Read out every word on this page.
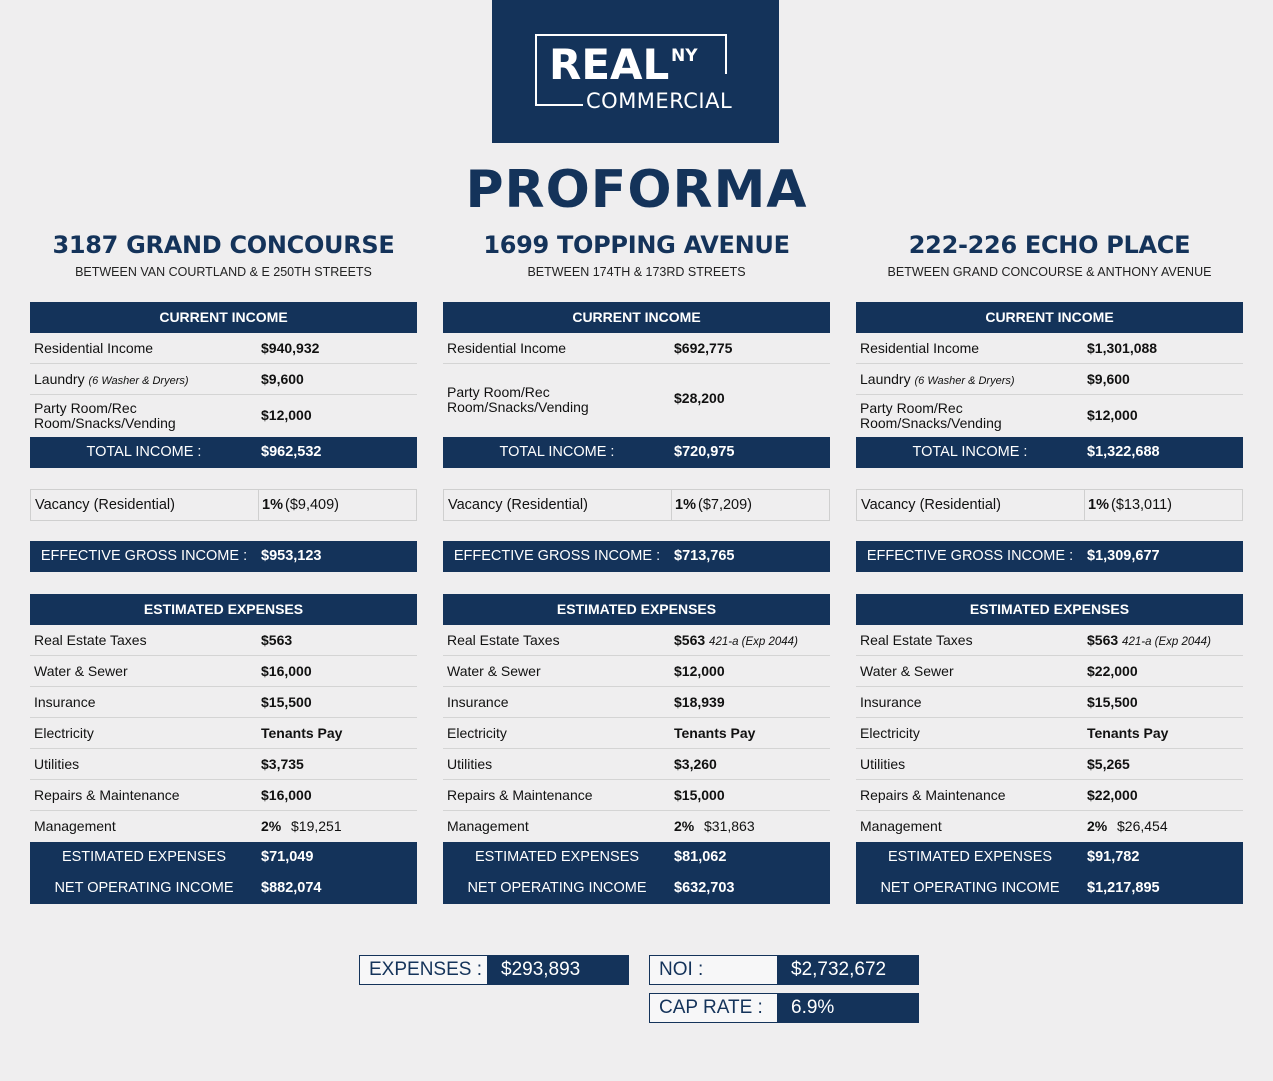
REAL NY
COMMERCIAL
PROFORMA
3187 GRAND CONCOURSE
BETWEEN VAN COURTLAND & E 250TH STREETS
CURRENT INCOME
Residential Income	$940,932
Laundry (6 Washer & Dryers)	$9,600
Party Room/Rec
Room/Snacks/Vending	$12,000
TOTAL INCOME :	$962,532
Vacancy (Residential)	1% ($9,409)
EFFECTIVE GROSS INCOME : $953,123
ESTIMATED EXPENSES
Real Estate Taxes	$563
Water & Sewer	$16,000
Insurance	$15,500
Electricity	Tenants Pay
Utilities	$3,735
Repairs & Maintenance	$16,000
Management	2% $19,251
ESTIMATED EXPENSES	$71,049
NET OPERATING INCOME	$882,074
1699 TOPPING AVENUE
BETWEEN 174TH & 173RD STREETS
CURRENT INCOME
Residential Income	$692,775
Party Room/Rec
Room/Snacks/Vending
$28,200
TOTAL INCOME :	$720,975
Vacancy (Residential)	1% ($7,209)
EFFECTIVE GROSS INCOME : $713,765
ESTIMATED EXPENSES
Real Estate Taxes	$563 421-a (Exp 2044)
Water & Sewer	$12,000
Insurance	$18,939
Electricity	Tenants Pay
Utilities	$3,260
Repairs & Maintenance	$15,000
Management	2% $31,863
ESTIMATED EXPENSES	$81,062
NET OPERATING INCOME	$632,703
222-226 ECHO PLACE
BETWEEN GRAND CONCOURSE & ANTHONY AVENUE
CURRENT INCOME
Residential Income	$1,301,088
Laundry (6 Washer & Dryers)	$9,600
Party Room/Rec
Room/Snacks/Vending	$12,000
TOTAL INCOME :	$1,322,688
Vacancy (Residential)	1% ($13,011)
EFFECTIVE GROSS INCOME : $1,309,677
ESTIMATED EXPENSES
Real Estate Taxes	$563 421-a (Exp 2044)
Water & Sewer	$22,000
Insurance	$15,500
Electricity	Tenants Pay
Utilities	$5,265
Repairs & Maintenance	$22,000
Management	2% $26,454
ESTIMATED EXPENSES	$91,782
NET OPERATING INCOME	$1,217,895
EXPENSES :	$293,893	NOI :	$2,732,672
CAP RATE :	6.9%
